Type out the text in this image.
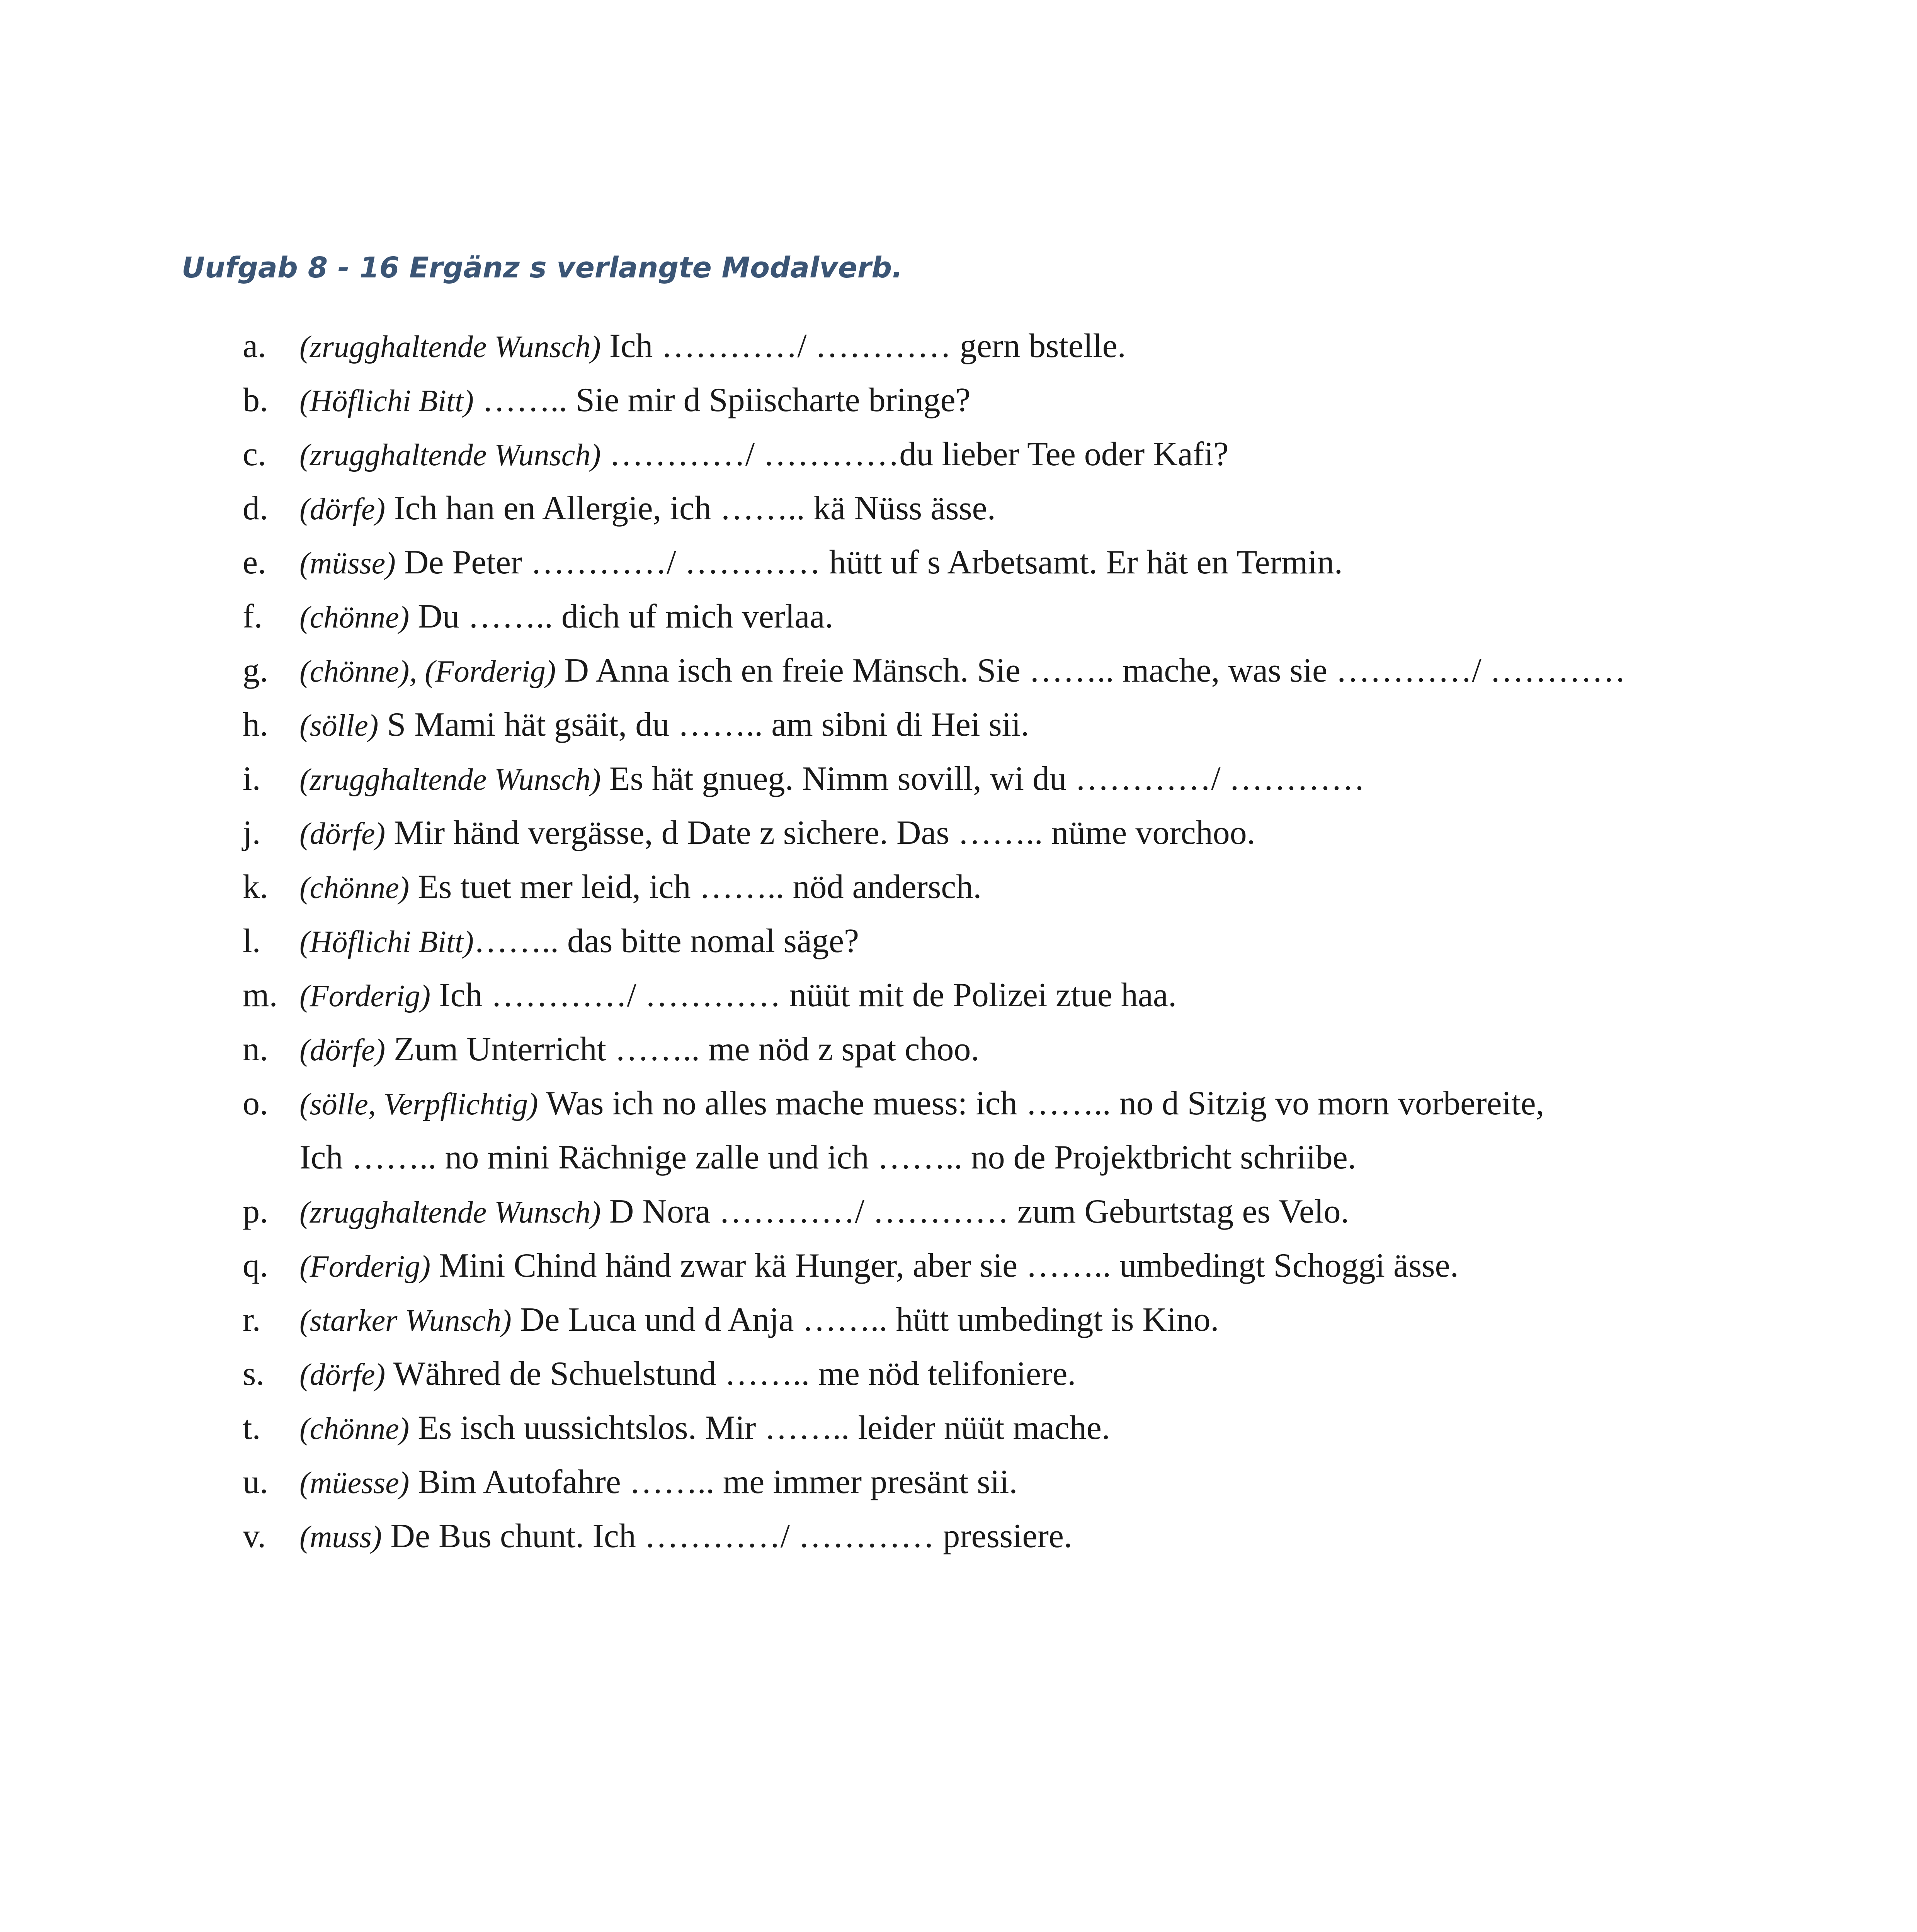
Uufgab 8 - 16 Ergänz s verlangte Modalverb.
a. (zrugghaltende Wunsch) Ich …………/ ………… gern bstelle.
b. (Höflichi Bitt) …….. Sie mir d Spiischarte bringe?
c. (zrugghaltende Wunsch) …………/ …………du lieber Tee oder Kafi?
d. (dörfe) Ich han en Allergie, ich …….. kä Nüss ässe.
e. (müsse) De Peter …………/ ………… hütt uf s Arbetsamt. Er hät en Termin.
f. (chönne) Du …….. dich uf mich verlaa.
g. (chönne), (Forderig) D Anna isch en freie Mänsch. Sie …….. mache, was sie …………/ …………
h. (sölle) S Mami hät gsäit, du …….. am sibni di Hei sii.
i. (zrugghaltende Wunsch) Es hät gnueg. Nimm sovill, wi du …………/ …………
j. (dörfe) Mir händ vergässe, d Date z sichere. Das …….. nüme vorchoo.
k. (chönne) Es tuet mer leid, ich …….. nöd andersch.
l. (Höflichi Bitt)…….. das bitte nomal säge?
m. (Forderig) Ich …………/ ………… nüüt mit de Polizei ztue haa.
n. (dörfe) Zum Unterricht …….. me nöd z spat choo.
o. (sölle, Verpflichtig) Was ich no alles mache muess: ich …….. no d Sitzig vo morn vorbereite,
Ich …….. no mini Rächnige zalle und ich …….. no de Projektbricht schriibe.
p. (zrugghaltende Wunsch) D Nora …………/ ………… zum Geburtstag es Velo.
q. (Forderig) Mini Chind händ zwar kä Hunger, aber sie …….. umbedingt Schoggi ässe.
r. (starker Wunsch) De Luca und d Anja …….. hütt umbedingt is Kino.
s. (dörfe) Währed de Schuelstund …….. me nöd telifoniere.
t. (chönne) Es isch uussichtslos. Mir …….. leider nüüt mache.
u. (müesse) Bim Autofahre …….. me immer presänt sii.
v. (muss) De Bus chunt. Ich …………/ ………… pressiere.
